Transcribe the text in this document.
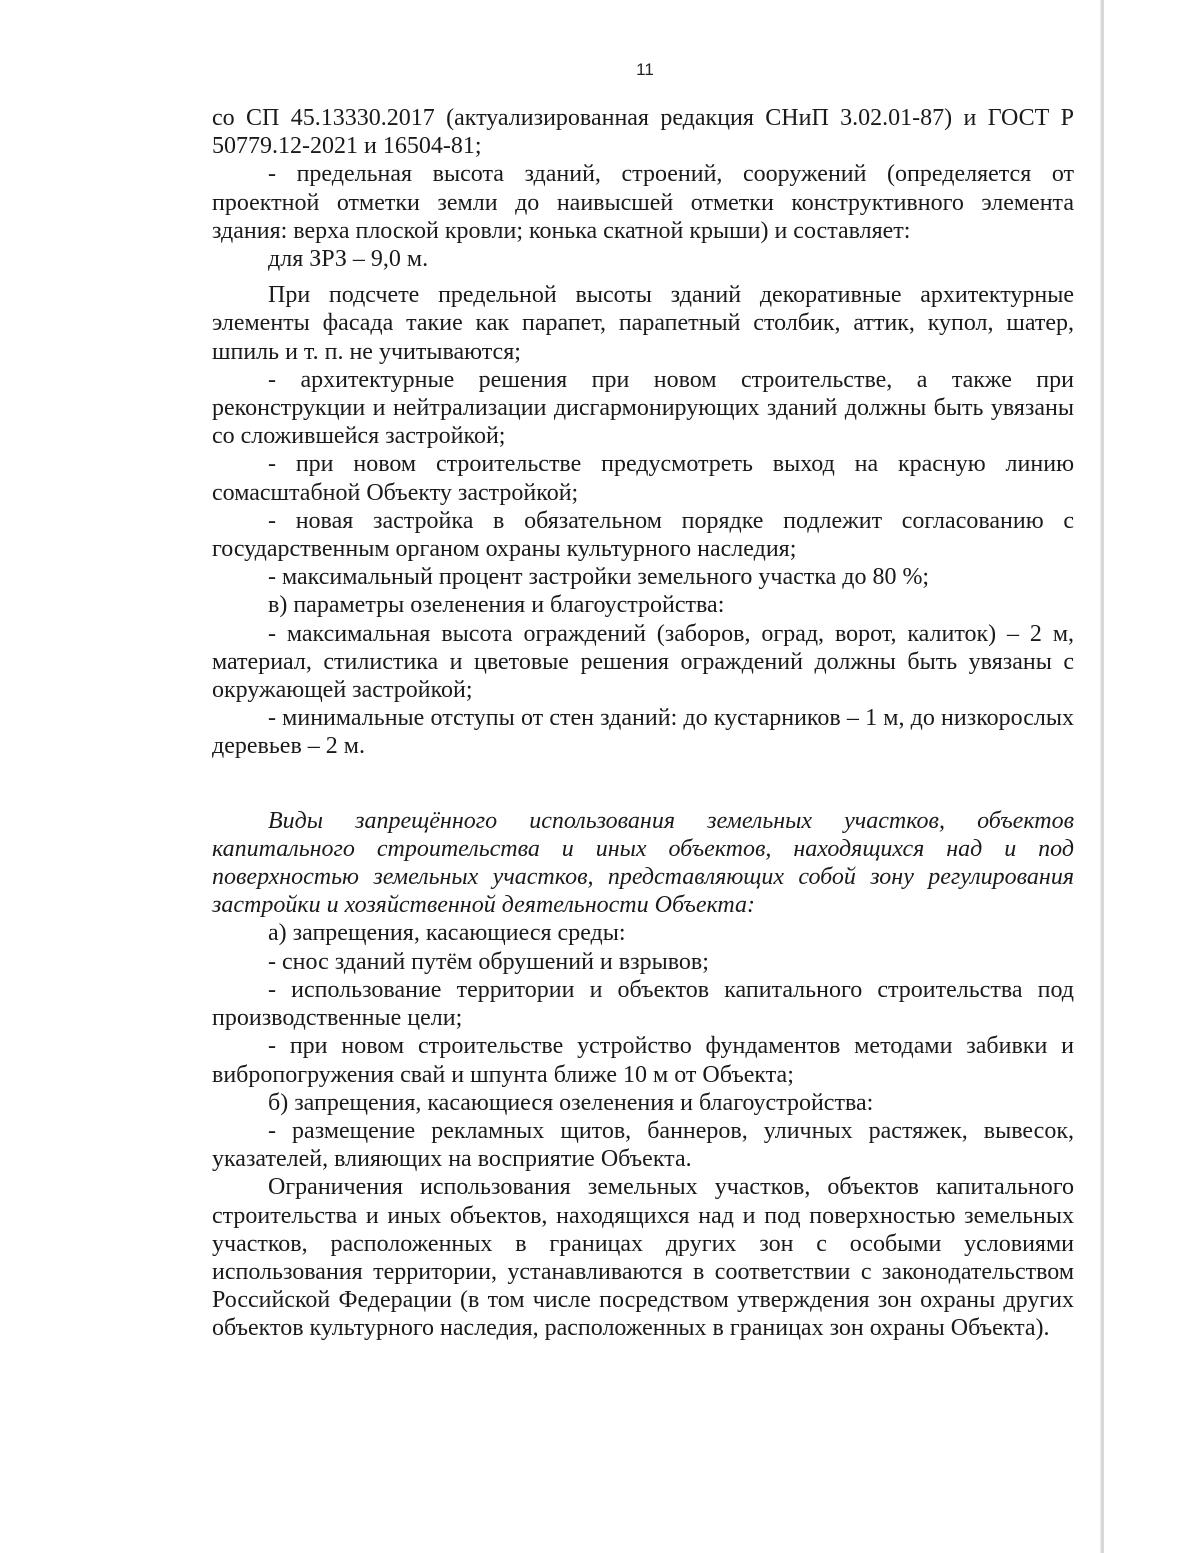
11

со СП 45.13330.2017 (актуализированная редакция СНиП 3.02.01-87) и ГОСТ Р 50779.12-2021 и 16504-81;

- предельная высота зданий, строений, сооружений (определяется от проектной отметки земли до наивысшей отметки конструктивного элемента здания: верха плоской кровли; конька скатной крыши) и составляет:

для ЗРЗ – 9,0 м.

При подсчете предельной высоты зданий декоративные архитектурные элементы фасада такие как парапет, парапетный столбик, аттик, купол, шатер, шпиль и т. п. не учитываются;

- архитектурные решения при новом строительстве, а также при реконструкции и нейтрализации дисгармонирующих зданий должны быть увязаны со сложившейся застройкой;

- при новом строительстве предусмотреть выход на красную линию сомасштабной Объекту застройкой;

- новая застройка в обязательном порядке подлежит согласованию с государственным органом охраны культурного наследия;

- максимальный процент застройки земельного участка до 80 %;

в) параметры озеленения и благоустройства:

- максимальная высота ограждений (заборов, оград, ворот, калиток) – 2 м, материал, стилистика и цветовые решения ограждений должны быть увязаны с окружающей застройкой;

- минимальные отступы от стен зданий: до кустарников – 1 м, до низкорослых деревьев – 2 м.

Виды запрещённого использования земельных участков, объектов капитального строительства и иных объектов, находящихся над и под поверхностью земельных участков, представляющих собой зону регулирования застройки и хозяйственной деятельности Объекта:

а) запрещения, касающиеся среды:

- снос зданий путём обрушений и взрывов;

- использование территории и объектов капитального строительства под производственные цели;

- при новом строительстве устройство фундаментов методами забивки и вибропогружения свай и шпунта ближе 10 м от Объекта;

б) запрещения, касающиеся озеленения и благоустройства:

- размещение рекламных щитов, баннеров, уличных растяжек, вывесок, указателей, влияющих на восприятие Объекта.

Ограничения использования земельных участков, объектов капитального строительства и иных объектов, находящихся над и под поверхностью земельных участков, расположенных в границах других зон с особыми условиями использования территории, устанавливаются в соответствии с законодательством Российской Федерации (в том числе посредством утверждения зон охраны других объектов культурного наследия, расположенных в границах зон охраны Объекта).
